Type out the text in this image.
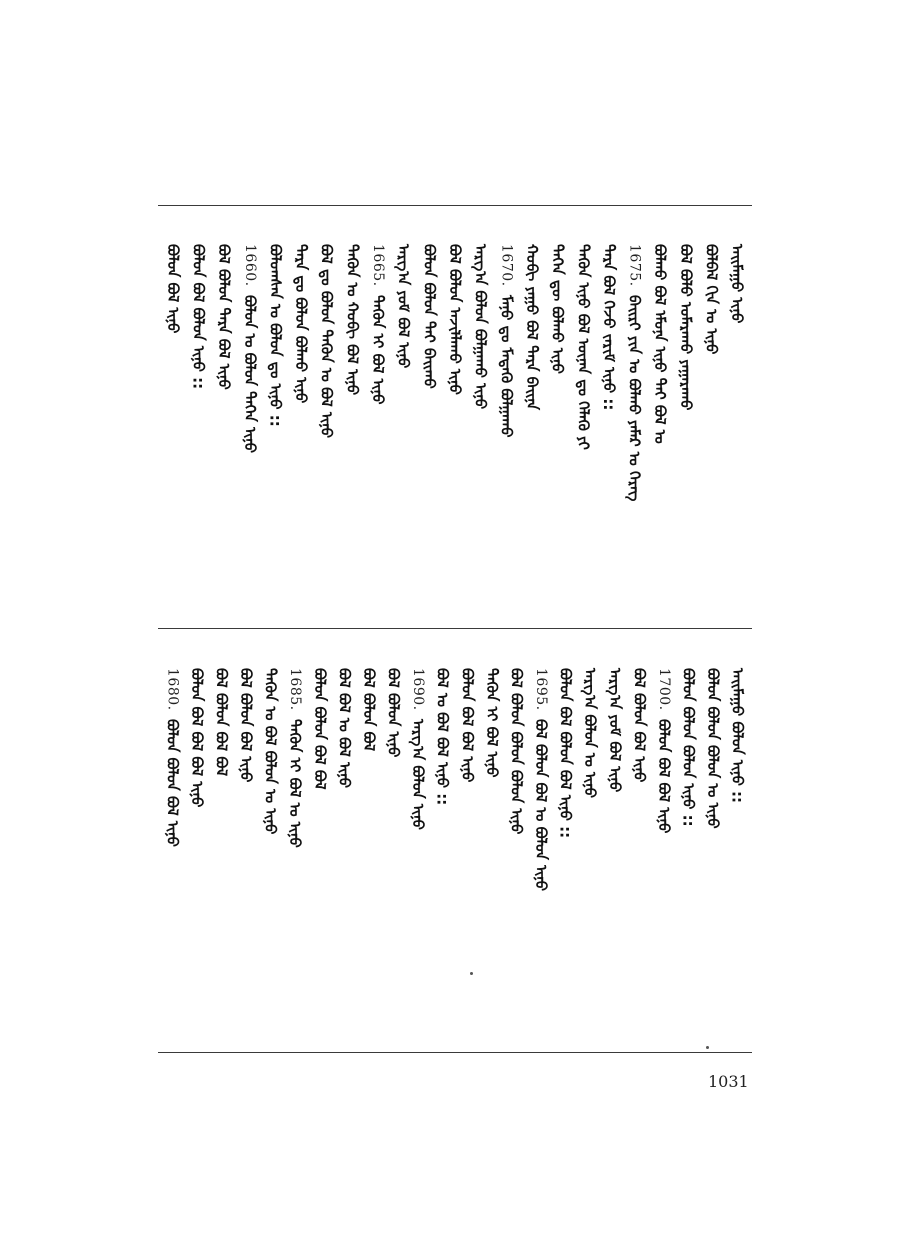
ᠠᠢᠮᠠᠭᠤ ᠢᠨᠦ
ᠪᠣᠯᠪᠠᠯ ᠬᠢᠨ ᠤ ᠢᠨᠦ
ᠪᠣᠯ ᠪᠣᠯᠤ ᠤᠮᠠᠷᠠᠬᠤ ᠶᠠᠭᠠᠷᠠᠬᠤ
ᠪᠣᠯᠬᠤ ᠪᠣᠯ ᠡᠮᠦᠨᠡ ᠢᠨᠦ ᠲᠠᠢ ᠪᠣᠯ ᠤ
1675.ᠪᠠᠢᠷᠢ ᠶᠢᠨ ᠤ ᠪᠣᠯᠬᠤ ᠶᠠᠮᠠᠷ ᠤ ᠬᠡᠷᠡᠭ
ᠲᠡᠷᠡ ᠪᠣᠯ ᠭᠡᠵᠦ ᠵᠠᠷᠢᠮ ᠢᠨᠦ ::
ᠲᠡᠭᠦᠨ ᠢᠨᠦ ᠪᠣᠯ ᠦᠨᠡᠨ ᠳᠤ ᠬᠡᠯᠡᠬᠦ ᠶᠢ
ᠲᠡᠭᠡᠨ ᠳᠦ ᠪᠣᠯᠬᠤ ᠢᠨᠦ
ᠬᠤᠪᠢ ᠶᠠᠭᠤ ᠪᠣᠯ ᠲᠡᠷᠡ ᠪᠠᠢᠨᠠ
1670.ᠮᠠᠨᠤ ᠳᠤ ᠮᠡᠳᠡᠬᠦ ᠪᠣᠯᠭᠠᠬᠤ
ᠠᠷᠭ᠎ᠠ ᠪᠣᠯᠤᠨ ᠪᠣᠯᠭᠠᠬᠤ ᠢᠨᠦ
ᠪᠣᠯ ᠪᠣᠯᠤᠨ ᠠᠵᠢᠯᠯᠠᠬᠤ ᠢᠨᠦ
ᠪᠣᠯᠤᠨ ᠪᠣᠯᠤᠨ ᠲᠠᠢ ᠪᠠᠢᠬᠤ
ᠠᠷᠭ᠎ᠠ ᠶᠤᠮ ᠪᠣᠯ ᠢᠨᠦ
1665.ᠲᠡᠭᠦᠨ ᠢ ᠪᠣᠯ ᠢᠨᠦ
ᠲᠡᠭᠦᠨ ᠤ ᠬᠤᠪᠢ ᠪᠣᠯ ᠢᠨᠦ
ᠪᠣᠯ ᠳᠤ ᠪᠣᠯᠤᠨ ᠲᠡᠭᠦᠨ ᠤ ᠪᠣᠯ ᠢᠨᠦ
ᠲᠡᠷᠡ ᠳᠤ ᠪᠣᠯᠤᠨ ᠪᠣᠯᠬᠤ ᠢᠨᠦ
ᠪᠣᠯᠤᠭᠰᠠᠨ ᠤ ᠪᠣᠯᠤᠨ ᠳᠤ ᠢᠨᠦ ::
1660.ᠪᠣᠯᠤᠨ ᠤ ᠪᠣᠯᠤᠨ ᠲᠡᠭᠡᠨ ᠢᠨᠦ
ᠪᠣᠯ ᠪᠣᠯᠤᠨ ᠲᠡᠷᠡ ᠪᠣᠯ ᠢᠨᠦ
ᠪᠣᠯᠤᠨ ᠪᠣᠯ ᠪᠣᠯᠤᠨ ᠢᠨᠦ ::
ᠪᠣᠯᠤᠨ ᠪᠣᠯ ᠢᠨᠦ
ᠠᠢᠮᠠᠭᠤ ᠪᠣᠯᠤᠨ ᠢᠨᠦ ::
ᠪᠣᠯᠤᠨ ᠪᠣᠯᠤᠨ ᠪᠣᠯᠤᠨ ᠤ ᠢᠨᠦ
ᠪᠣᠯᠤᠨ ᠪᠣᠯᠤᠨ ᠪᠣᠯᠤᠨ ᠢᠨᠦ ::
1700.ᠪᠣᠯᠤᠨ ᠪᠣᠯ ᠪᠣᠯ ᠢᠨᠦ
ᠪᠣᠯ ᠪᠣᠯᠤᠨ ᠪᠣᠯ ᠢᠨᠦ
ᠠᠷᠭ᠎ᠠ ᠶᠤᠮ ᠪᠣᠯ ᠢᠨᠦ
ᠠᠷᠭ᠎ᠠ ᠪᠣᠯᠤᠨ ᠤ ᠢᠨᠦ
ᠪᠣᠯᠤᠨ ᠪᠣᠯ ᠪᠣᠯᠤᠨ ᠪᠣᠯ ᠢᠨᠦ ::
1695.ᠪᠣᠯ ᠪᠣᠯᠤᠨ ᠪᠣᠯ ᠤ ᠪᠣᠯᠤᠨ ᠢᠨᠦ
ᠪᠣᠯ ᠪᠣᠯᠤᠨ ᠪᠣᠯᠤᠨ ᠪᠣᠯᠤᠨ ᠢᠨᠦ
ᠲᠡᠭᠦᠨ ᠢ ᠪᠣᠯ ᠢᠨᠦ
ᠪᠣᠯᠤᠨ ᠪᠣᠯ ᠪᠣᠯ ᠢᠨᠦ
ᠪᠣᠯ ᠤ ᠪᠣᠯ ᠪᠣᠯ ᠢᠨᠦ ::
1690.ᠠᠷᠭ᠎ᠠ ᠪᠣᠯᠤᠨ ᠢᠨᠦ
ᠪᠣᠯ ᠪᠣᠯᠤᠨ ᠢᠨᠦ
ᠪᠣᠯ ᠪᠣᠯᠤᠨ ᠪᠣᠯ
ᠪᠣᠯ ᠪᠣᠯ ᠤ ᠪᠣᠯ ᠢᠨᠦ
ᠪᠣᠯᠤᠨ ᠪᠣᠯᠤᠨ ᠪᠣᠯ ᠪᠣᠯ
1685.ᠲᠡᠭᠦᠨ ᠢ ᠪᠣᠯ ᠤ ᠢᠨᠦ
ᠲᠡᠭᠦᠨ ᠤ ᠪᠣᠯ ᠪᠣᠯᠤᠨ ᠤ ᠢᠨᠦ
ᠪᠣᠯ ᠪᠣᠯᠤᠨ ᠪᠣᠯ ᠢᠨᠦ
ᠪᠣᠯ ᠪᠣᠯᠤᠨ ᠪᠣᠯ ᠪᠣᠯ
ᠪᠣᠯᠤᠨ ᠪᠣᠯ ᠪᠣᠯ ᠪᠣᠯ ᠢᠨᠦ
1680.ᠪᠣᠯᠤᠨ ᠪᠣᠯᠤᠨ ᠪᠣᠯ ᠢᠨᠦ
1031
